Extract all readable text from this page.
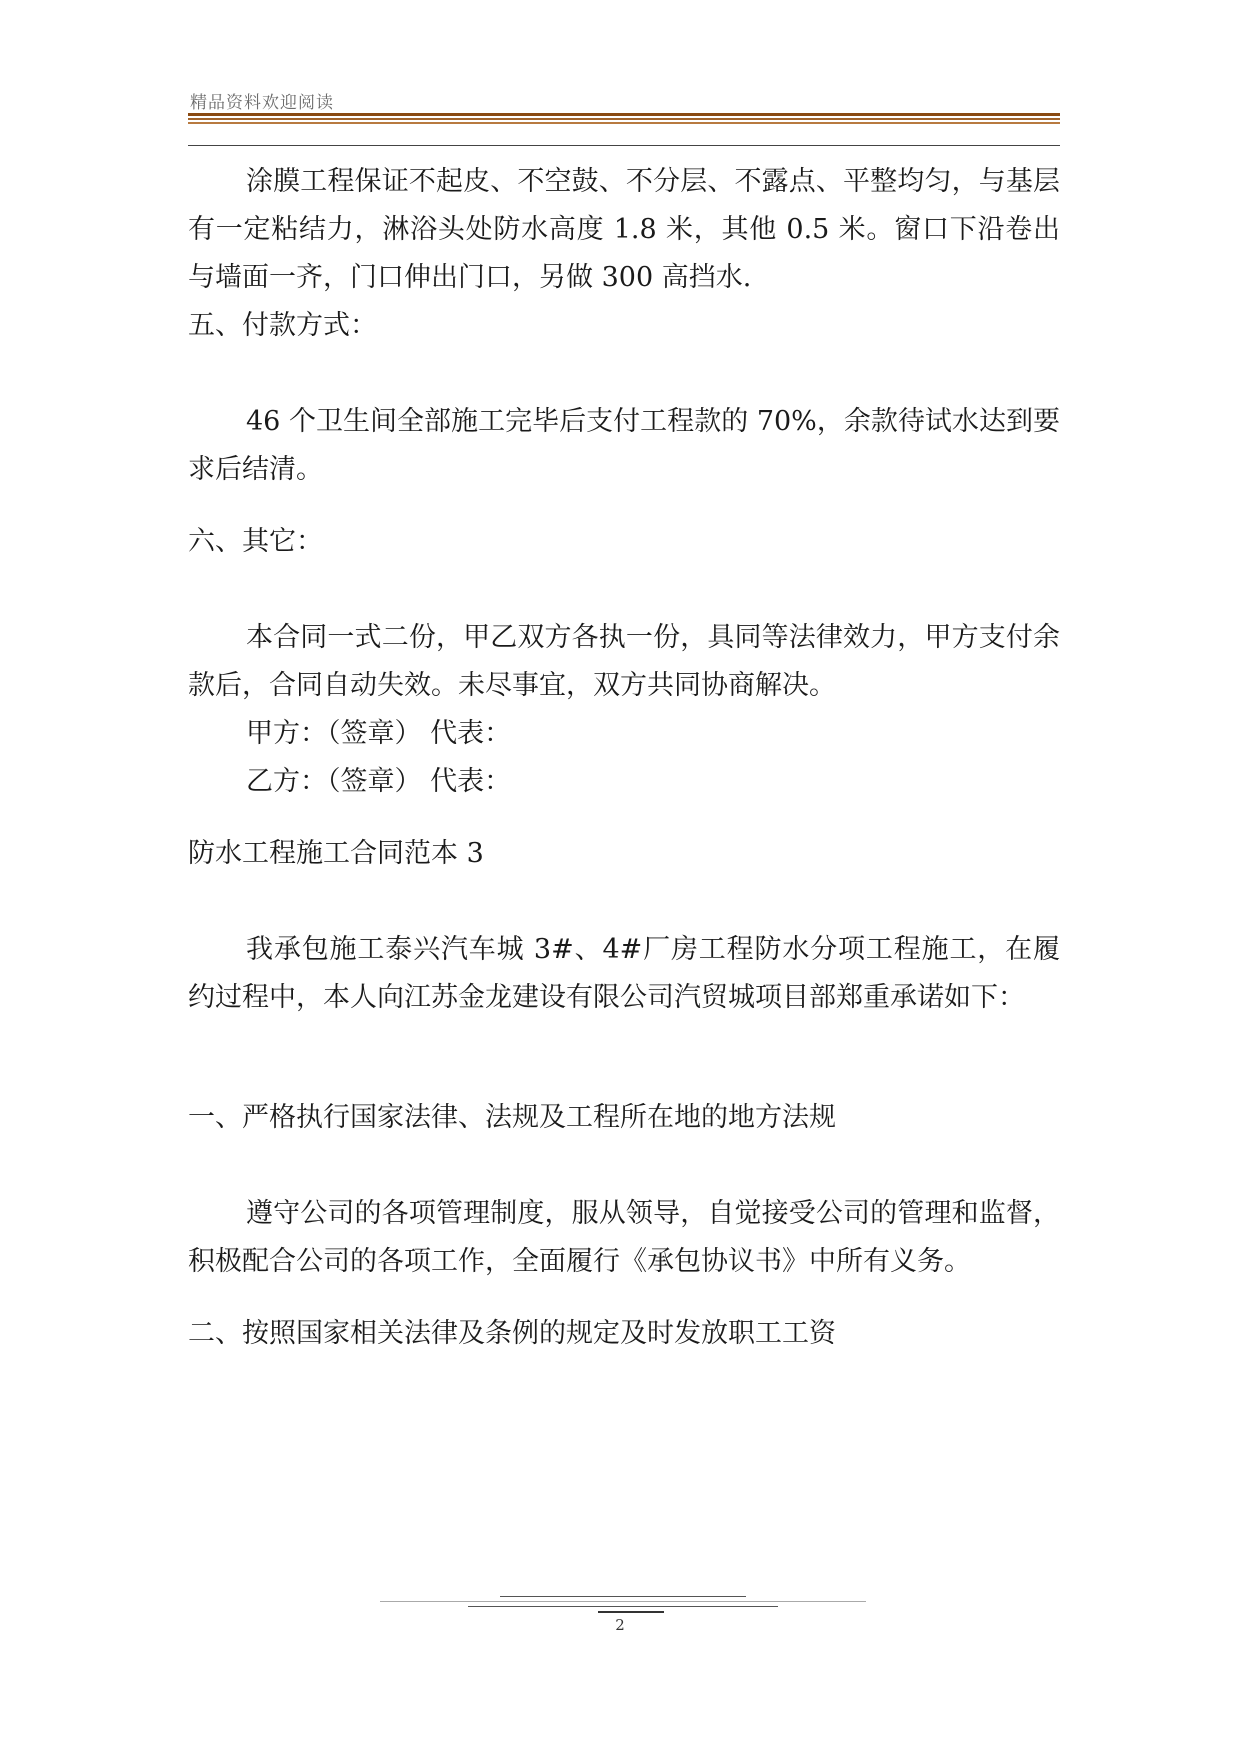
精品资料欢迎阅读

涂膜工程保证不起皮、不空鼓、不分层、不露点、平整均匀，与基层有一定粘结力，淋浴头处防水高度 1.8 米，其他 0.5 米。窗口下沿卷出与墙面一齐，门口伸出门口，另做 300 高挡水.

五、付款方式：

46 个卫生间全部施工完毕后支付工程款的 70%，余款待试水达到要求后结清。

六、其它：

本合同一式二份，甲乙双方各执一份，具同等法律效力，甲方支付余款后，合同自动失效。未尽事宜，双方共同协商解决。

甲方：（签章） 代表：

乙方：（签章） 代表：

防水工程施工合同范本 3

我承包施工泰兴汽车城 3#、4#厂房工程防水分项工程施工，在履约过程中，本人向江苏金龙建设有限公司汽贸城项目部郑重承诺如下：

一、严格执行国家法律、法规及工程所在地的地方法规

遵守公司的各项管理制度，服从领导，自觉接受公司的管理和监督，积极配合公司的各项工作，全面履行《承包协议书》中所有义务。

二、按照国家相关法律及条例的规定及时发放职工工资

2
